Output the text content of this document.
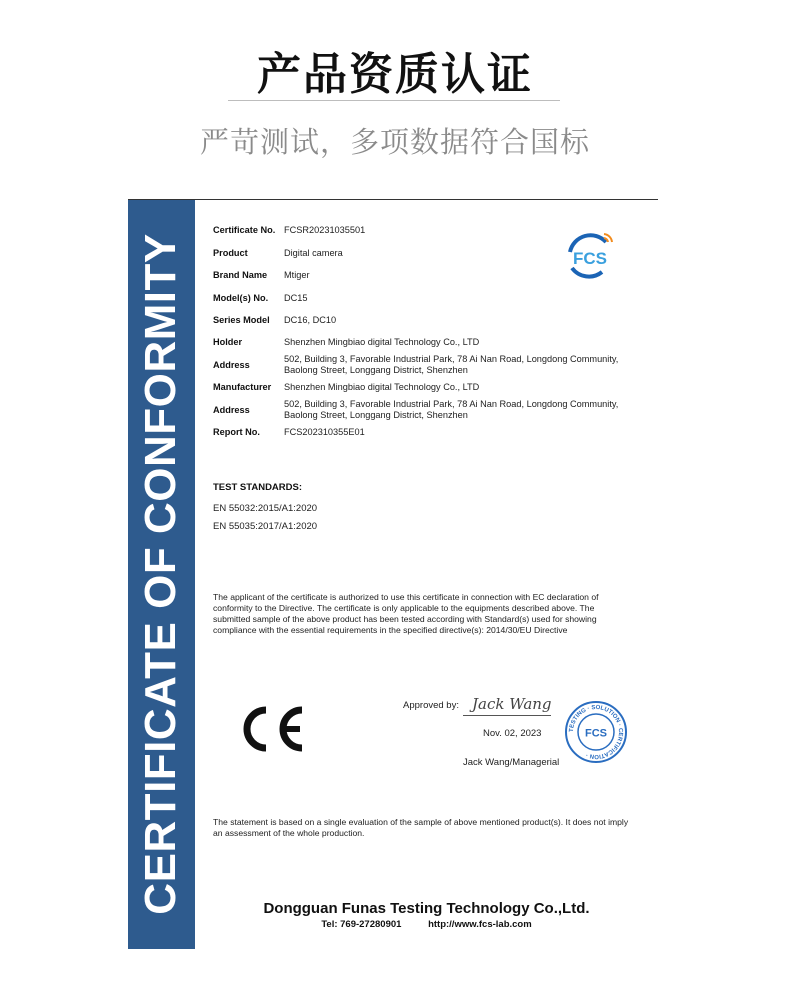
产品资质认证
严苛测试，多项数据符合国标
CERTIFICATE OF CONFORMITY
Certificate No. FCSR20231035501
Product	Digital camera
Brand Name Mtiger
Model(s) No. DC15
Series Model DC16, DC10
Holder	Shenzhen Mingbiao digital Technology Co., LTD
Address
502, Building 3, Favorable Industrial Park, 78 Ai Nan Road, Longdong Community, Baolong Street, Longgang District, Shenzhen
Manufacturer Shenzhen Mingbiao digital Technology Co., LTD
Address
502, Building 3, Favorable Industrial Park, 78 Ai Nan Road, Longdong Community, Baolong Street, Longgang District, Shenzhen
Report No.	FCS202310355E01
FCS
TEST STANDARDS:
EN 55032:2015/A1:2020
EN 55035:2017/A1:2020
The applicant of the certificate is authorized to use this certificate in connection with EC declaration of conformity to the Directive. The certificate is only applicable to the equipments described above. The submitted sample of the above product has been tested according with Standard(s) used for showing compliance with the essential requirements in the specified directive(s): 2014/30/EU Directive
Approved by: Jack Wang
Nov. 02, 2023
Jack Wang/Managerial
TESTING · SOLUTION · CERTIFICATION ·
FCS
The statement is based on a single evaluation of the sample of above mentioned product(s). It does not imply an assessment of the whole production.
Dongguan Funas Testing Technology Co.,Ltd.
Tel: 769-27280901	http://www.fcs-lab.com
